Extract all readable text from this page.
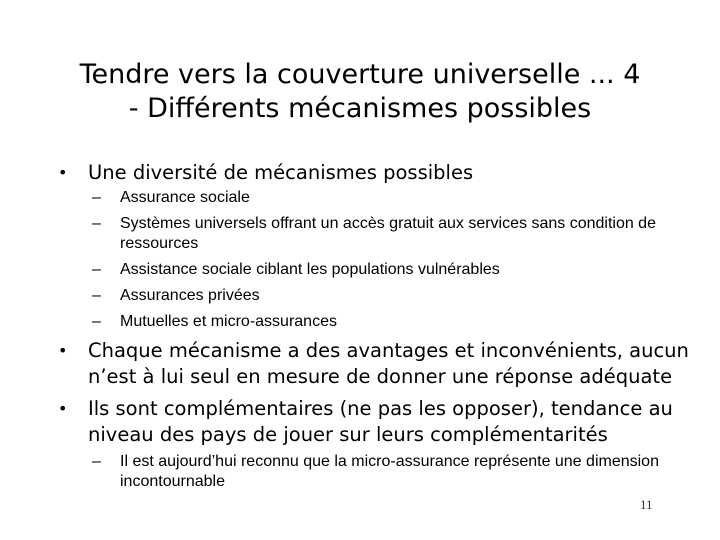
Tendre vers la couverture universelle ... 4
- Différents mécanismes possibles
•	Une diversité de mécanismes possibles
– Assurance sociale
– Systèmes universels offrant un accès gratuit aux services sans condition de ressources
– Assistance sociale ciblant les populations vulnérables
– Assurances privées
– Mutuelles et micro-assurances
•	Chaque mécanisme a des avantages et inconvénients, aucun n’est à lui seul en mesure de donner une réponse adéquate
•	Ils sont complémentaires (ne pas les opposer), tendance au niveau des pays de jouer sur leurs complémentarités
– Il est aujourd’hui reconnu que la micro-assurance représente une dimension incontournable
11
